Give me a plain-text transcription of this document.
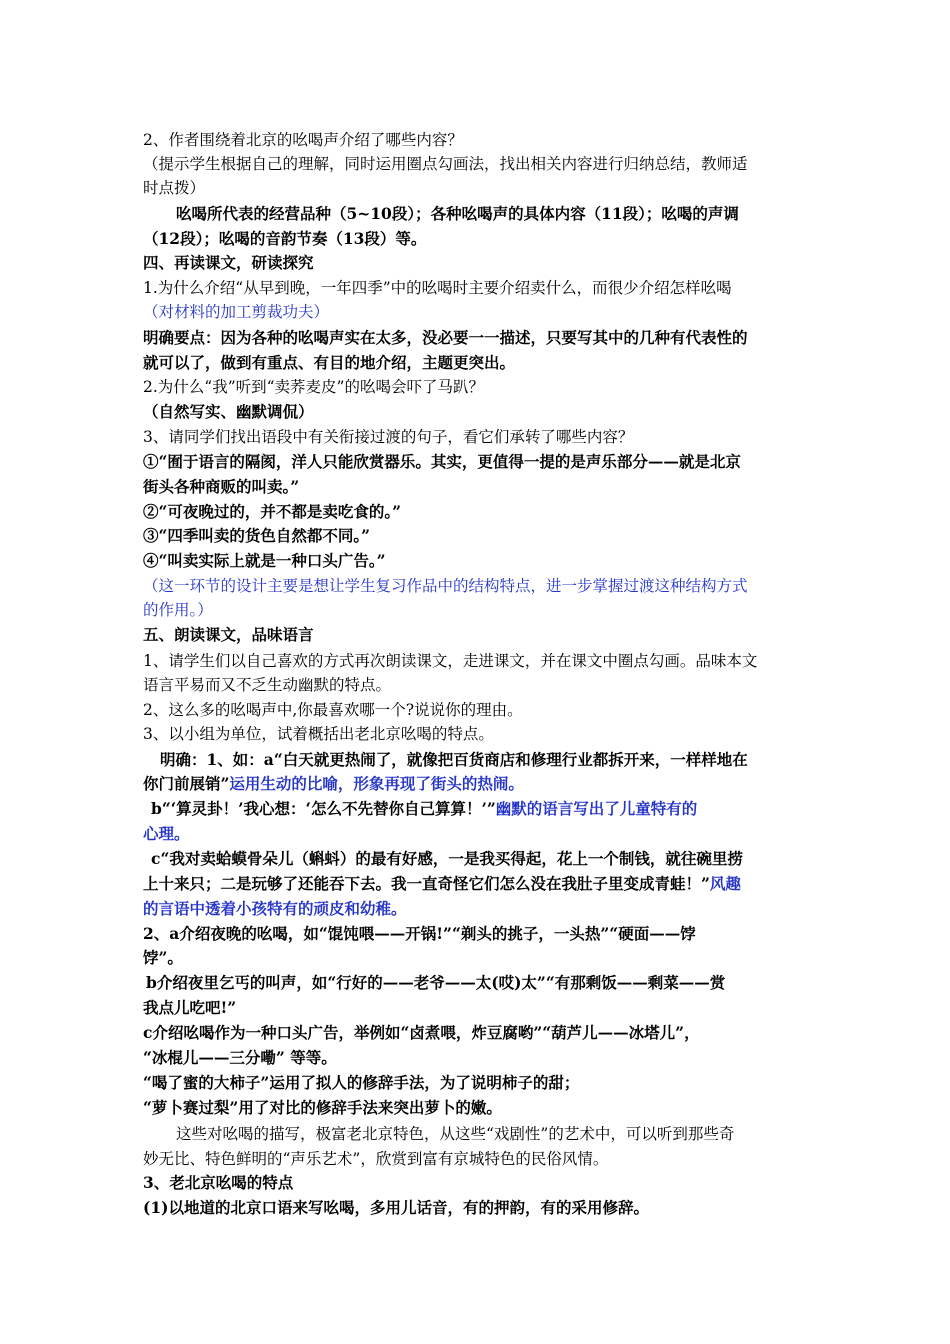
2、作者围绕着北京的吆喝声介绍了哪些内容？
（提示学生根据自己的理解，同时运用圈点勾画法，找出相关内容进行归纳总结，教师适
时点拨）
吆喝所代表的经营品种（5~10段）；各种吆喝声的具体内容（11段）；吆喝的声调
（12段）；吆喝的音韵节奏（13段）等。
四、再读课文，研读探究
1.为什么介绍“从早到晚，一年四季”中的吆喝时主要介绍卖什么，而很少介绍怎样吆喝
（对材料的加工剪裁功夫）
明确要点：因为各种的吆喝声实在太多，没必要一一描述，只要写其中的几种有代表性的
就可以了，做到有重点、有目的地介绍，主题更突出。
2.为什么“我”听到“卖荞麦皮”的吆喝会吓了马趴？
（自然写实、幽默调侃）
3、请同学们找出语段中有关衔接过渡的句子，看它们承转了哪些内容？
①“囿于语言的隔阂，洋人只能欣赏器乐。其实，更值得一提的是声乐部分——就是北京
街头各种商贩的叫卖。”
②“可夜晚过的，并不都是卖吃食的。”
③“四季叫卖的货色自然都不同。”
④“叫卖实际上就是一种口头广告。”
（这一环节的设计主要是想让学生复习作品中的结构特点，进一步掌握过渡这种结构方式
的作用。）
五、朗读课文，品味语言
1、请学生们以自己喜欢的方式再次朗读课文，走进课文，并在课文中圈点勾画。品味本文
语言平易而又不乏生动幽默的特点。
2、这么多的吆喝声中,你最喜欢哪一个?说说你的理由。
3、以小组为单位，试着概括出老北京吆喝的特点。
明确：1、如：a“白天就更热闹了，就像把百货商店和修理行业都拆开来，一样样地在
你门前展销”运用生动的比喻，形象再现了街头的热闹。
b“‘算灵卦！’我心想：‘怎么不先替你自己算算！’”幽默的语言写出了儿童特有的
心理。
c“我对卖蛤蟆骨朵儿（蝌蚪）的最有好感，一是我买得起，花上一个制钱，就往碗里捞
上十来只；二是玩够了还能吞下去。我一直奇怪它们怎么没在我肚子里变成青蛙！”风趣
的言语中透着小孩特有的顽皮和幼稚。
2、a介绍夜晚的吆喝，如“馄饨喂——开锅!”“剃头的挑子，一头热”“硬面——饽
饽”。
b介绍夜里乞丐的叫声，如“行好的——老爷——太(哎)太”“有那剩饭——剩菜——赏
我点儿吃吧!”
c介绍吆喝作为一种口头广告，举例如“卤煮喂，炸豆腐哟”“葫芦儿——冰塔儿”，
“冰棍儿——三分嘞” 等等。
“喝了蜜的大柿子”运用了拟人的修辞手法，为了说明柿子的甜；
“萝卜赛过梨”用了对比的修辞手法来突出萝卜的嫩。
这些对吆喝的描写，极富老北京特色，从这些“戏剧性”的艺术中，可以听到那些奇
妙无比、特色鲜明的“声乐艺术”，欣赏到富有京城特色的民俗风情。
3、老北京吆喝的特点
(1)以地道的北京口语来写吆喝，多用儿话音，有的押韵，有的采用修辞。
